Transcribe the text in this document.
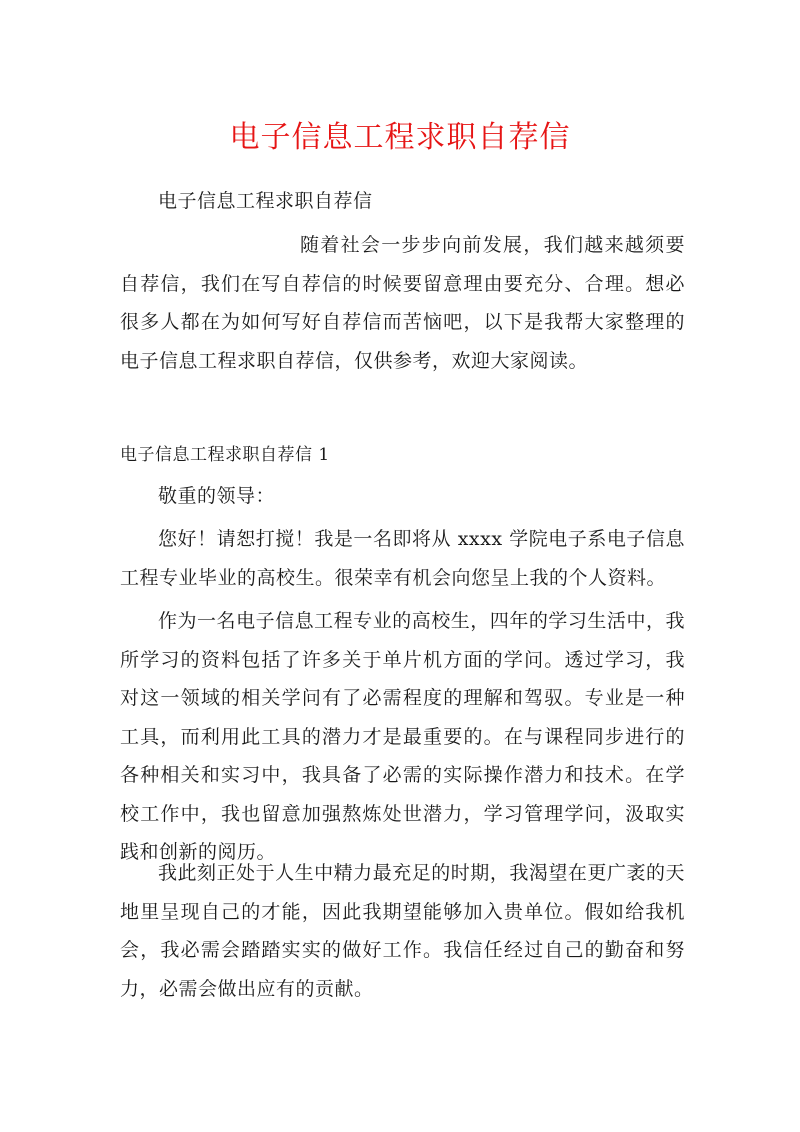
电子信息工程求职自荐信

电子信息工程求职自荐信

随着社会一步步向前发展，我们越来越须要自荐信，我们在写自荐信的时候要留意理由要充分、合理。想必很多人都在为如何写好自荐信而苦恼吧，以下是我帮大家整理的电子信息工程求职自荐信，仅供参考，欢迎大家阅读。

电子信息工程求职自荐信 1

敬重的领导：

您好！请恕打搅！我是一名即将从 xxxx 学院电子系电子信息工程专业毕业的高校生。很荣幸有机会向您呈上我的个人资料。

作为一名电子信息工程专业的高校生，四年的学习生活中，我所学习的资料包括了许多关于单片机方面的学问。透过学习，我对这一领域的相关学问有了必需程度的理解和驾驭。专业是一种工具，而利用此工具的潜力才是最重要的。在与课程同步进行的各种相关和实习中，我具备了必需的实际操作潜力和技术。在学校工作中，我也留意加强熬炼处世潜力，学习管理学问，汲取实践和创新的阅历。

我此刻正处于人生中精力最充足的时期，我渴望在更广袤的天地里呈现自己的才能，因此我期望能够加入贵单位。假如给我机会，我必需会踏踏实实的做好工作。我信任经过自己的勤奋和努力，必需会做出应有的贡献。
